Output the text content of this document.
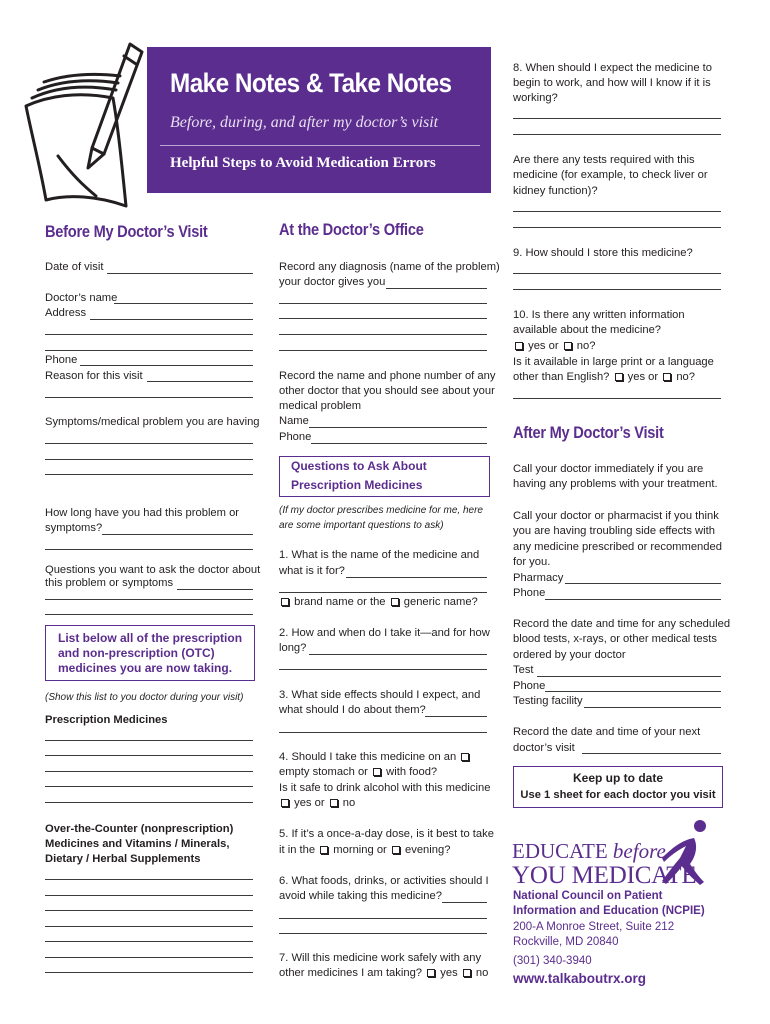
Make Notes & Take Notes
Before, during, and after my doctor’s visit
Helpful Steps to Avoid Medication Errors
Before My Doctor’s Visit
Date of visit
Doctor’s name
Address
Phone
Reason for this visit
Symptoms/medical problem you are having
How long have you had this problem or
symptoms?
Questions you want to ask the doctor about
this problem or symptoms
List below all of the prescription
and non-prescription (OTC)
medicines you are now taking.
(Show this list to you doctor during your visit)
Prescription Medicines
Over-the-Counter (nonprescription)
Medicines and Vitamins / Minerals,
Dietary / Herbal Supplements
At the Doctor’s Office
Record any diagnosis (name of the problem)
your doctor gives you
Record the name and phone number of any
other doctor that you should see about your
medical problem
Name
Phone
Questions to Ask About
Prescription Medicines
(If my doctor prescribes medicine for me, here
are some important questions to ask)
1. What is the name of the medicine and
what is it for?
brand name or the generic name?
2. How and when do I take it—and for how
long?
3. What side effects should I expect, and
what should I do about them?
4. Should I take this medicine on an
empty stomach or with food?
Is it safe to drink alcohol with this medicine
yes or no
5. If it’s a once-a-day dose, is it best to take
it in the morning or evening?
6. What foods, drinks, or activities should I
avoid while taking this medicine?
7. Will this medicine work safely with any
other medicines I am taking? yes no
8. When should I expect the medicine to
begin to work, and how will I know if it is
working?
Are there any tests required with this
medicine (for example, to check liver or
kidney function)?
9. How should I store this medicine?
10. Is there any written information
available about the medicine?
yes or no?
Is it available in large print or a language
other than English? yes or no?
After My Doctor’s Visit
Call your doctor immediately if you are
having any problems with your treatment.
Call your doctor or pharmacist if you think
you are having troubling side effects with
any medicine prescribed or recommended
for you.
Pharmacy
Phone
Record the date and time for any scheduled
blood tests, x-rays, or other medical tests
ordered by your doctor
Test
Phone
Testing facility
Record the date and time of your next
doctor’s visit
Keep up to date
Use 1 sheet for each doctor you visit
EDUCATE before
YOU MEDICATE
National Council on Patient
Information and Education (NCPIE)
200-A Monroe Street, Suite 212
Rockville, MD 20840
(301) 340-3940
www.talkaboutrx.org
